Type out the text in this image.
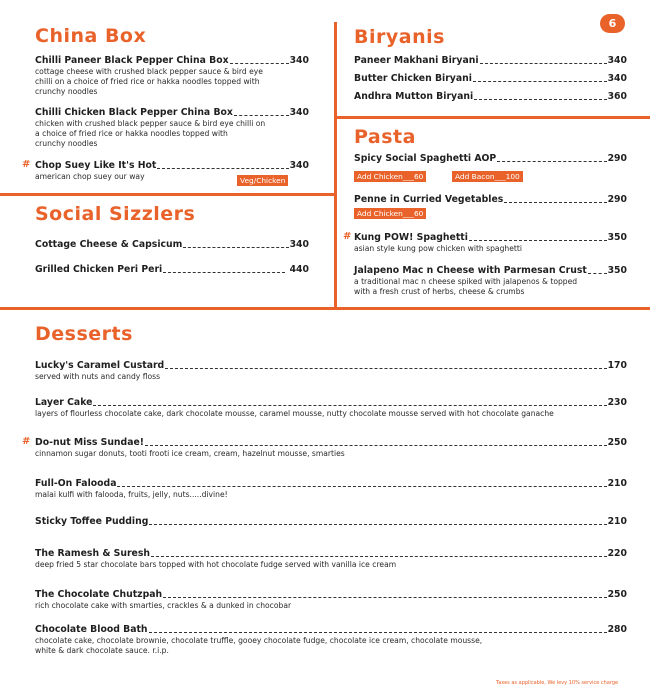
6
China Box
Chilli Paneer Black Pepper China Box	340
cottage cheese with crushed black pepper sauce & bird eye
chilli on a choice of fried rice or hakka noodles topped with
crunchy noodles
Chilli Chicken Black Pepper China Box	340
chicken with crushed black pepper sauce & bird eye chilli on
a choice of fried rice or hakka noodles topped with
crunchy noodles
# Chop Suey Like It's Hot	340
american chop suey our way	Veg/Chicken
Social Sizzlers
Cottage Cheese & Capsicum	340
Grilled Chicken Peri Peri	440
Biryanis
Paneer Makhani Biryani	340
Butter Chicken Biryani	340
Andhra Mutton Biryani	360
Pasta
Spicy Social Spaghetti AOP	290
Add Chicken___60	Add Bacon___100
Penne in Curried Vegetables	290
Add Chicken___60
# Kung POW! Spaghetti	350
asian style kung pow chicken with spaghetti
Jalapeno Mac n Cheese with Parmesan Crust 350
a traditional mac n cheese spiked with jalapenos & topped
with a fresh crust of herbs, cheese & crumbs
Desserts
Lucky's Caramel Custard	170
served with nuts and candy floss
Layer Cake	230
layers of flourless chocolate cake, dark chocolate mousse, caramel mousse, nutty chocolate mousse served with hot chocolate ganache
# Do-nut Miss Sundae!	250
cinnamon sugar donuts, tooti frooti ice cream, cream, hazelnut mousse, smarties
Full-On Falooda	210
malai kulfi with falooda, fruits, jelly, nuts.....divine!
Sticky Toffee Pudding	210
The Ramesh & Suresh	220
deep fried 5 star chocolate bars topped with hot chocolate fudge served with vanilla ice cream
The Chocolate Chutzpah	250
rich chocolate cake with smarties, crackles & a dunked in chocobar
Chocolate Blood Bath	280
chocolate cake, chocolate brownie, chocolate truffle, gooey chocolate fudge, chocolate ice cream, chocolate mousse,
white & dark chocolate sauce. r.i.p.
Taxes as applicable, We levy 10% service charge
